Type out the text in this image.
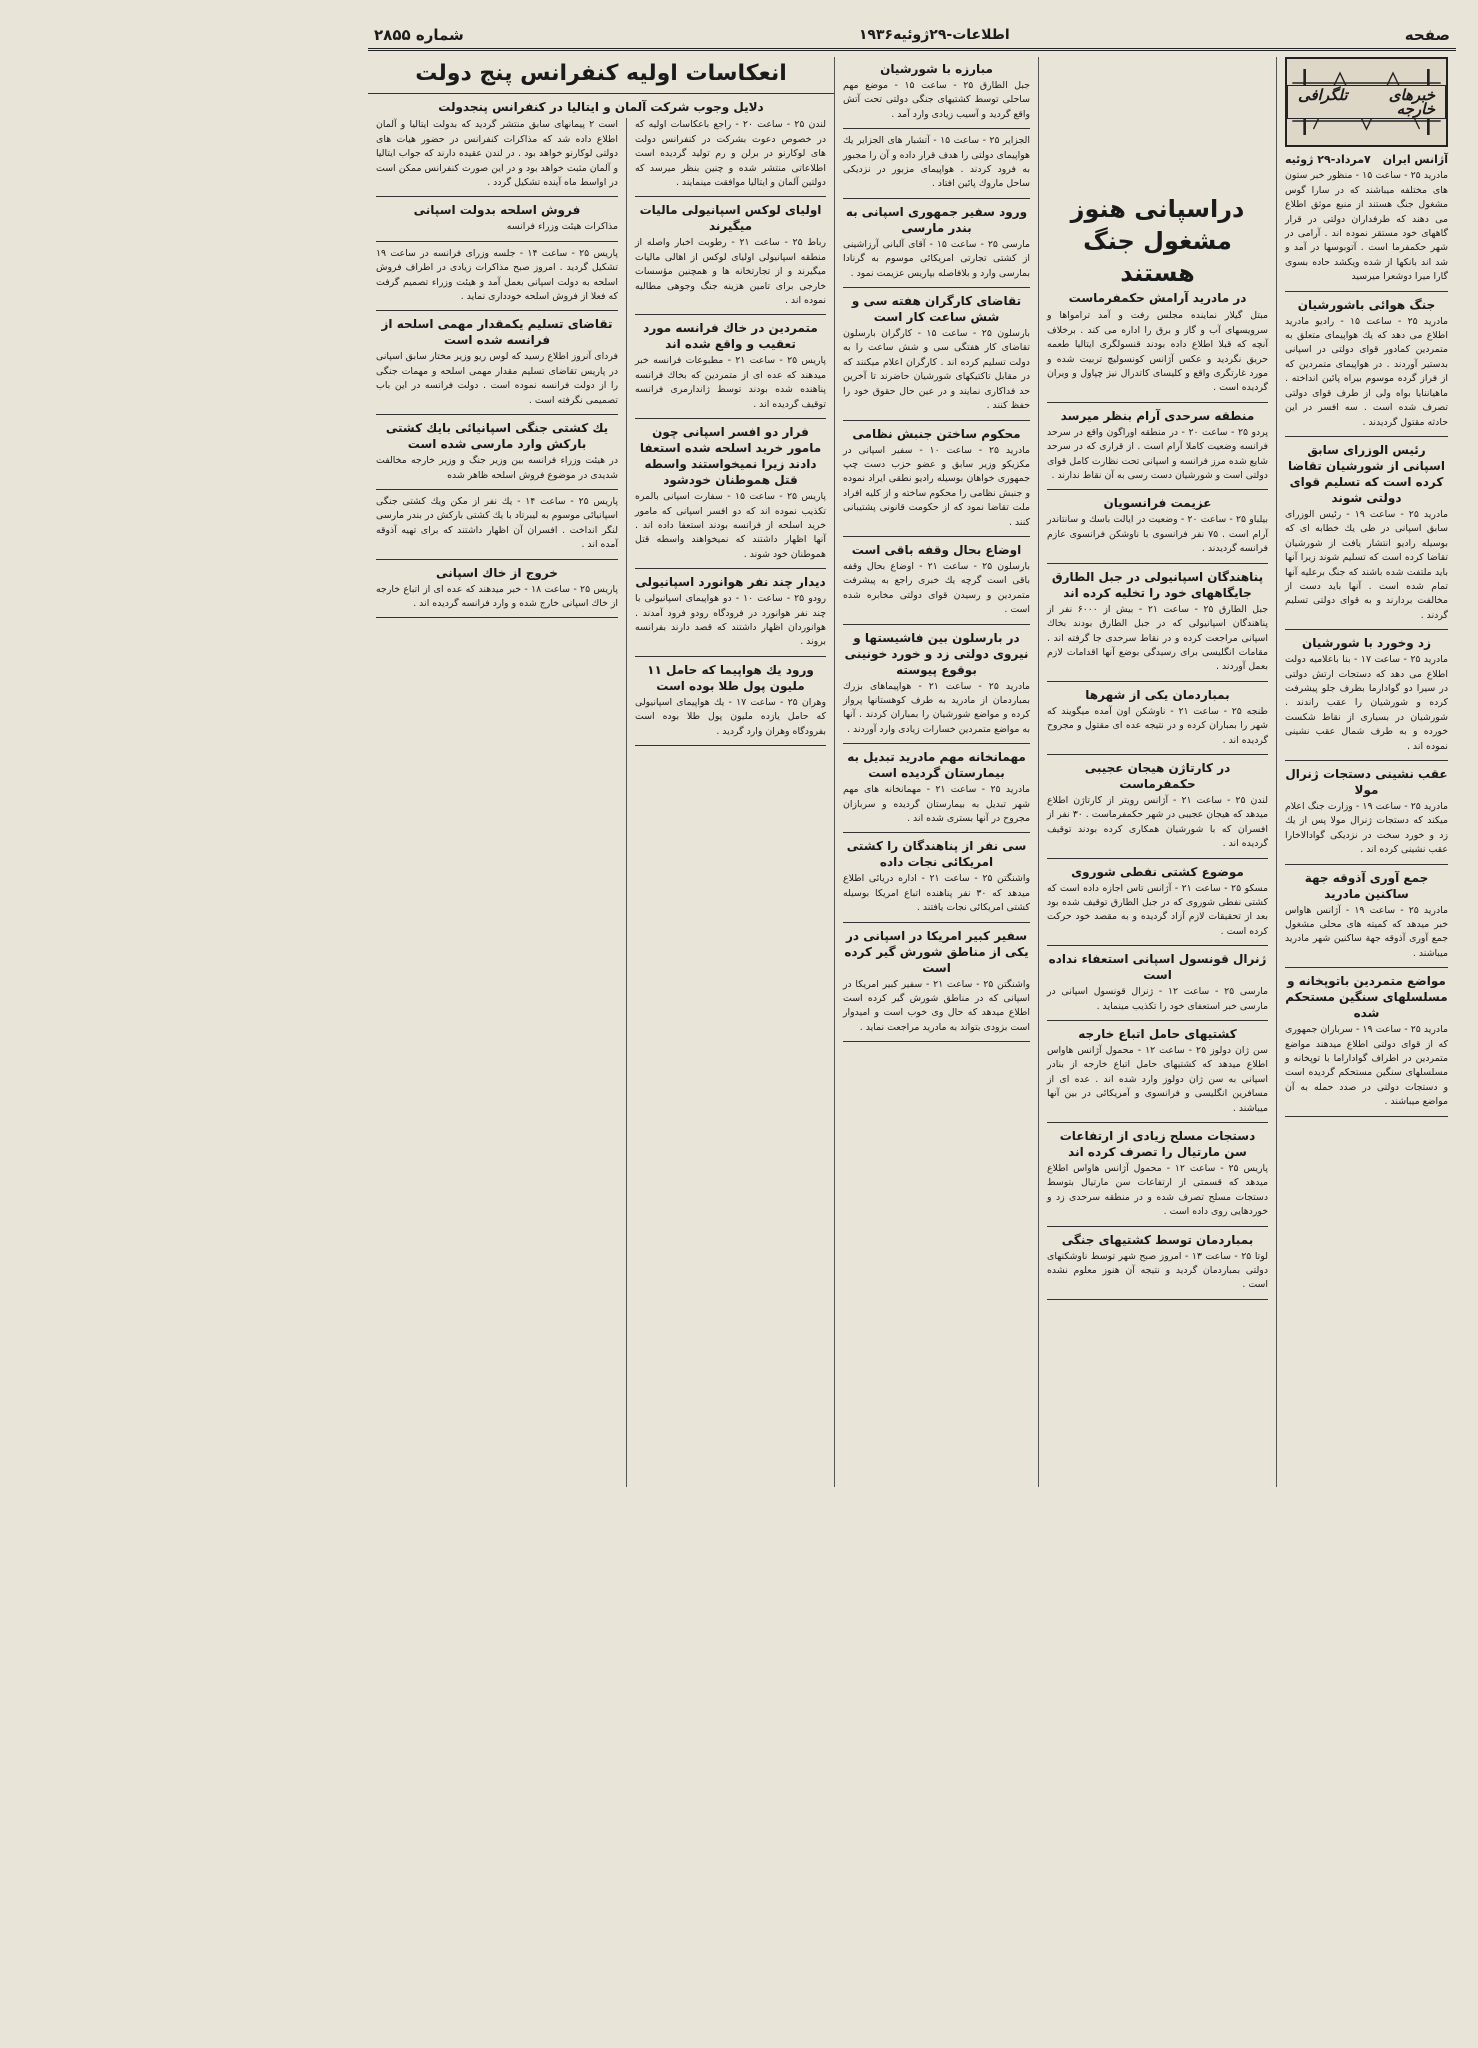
صفحه
اطلاعات-۲۹ژوئیه۱۹۳۶
شماره ۲۸۵۵
خبرهای تلگرافی خارجه
آژانس ایران
۷مرداد-۲۹ ژوئیه

مادرید ۲۵ - ساعت ۱۵ - منظور خبر ستون های مختلفه میباشند که در سارا گوس مشغول جنگ هستند از منبع موثق اطلاع می دهند که طرفداران دولتی در قرار گاههای خود مستقر نموده اند . آرامی در شهر حکمفرما است . آتوبوسها در آمد و شد اند بانکها از شده ویکشد حاده بسوی گارا میرا دوشعرا میرسید

جنگ هوائی باشورشیان

مادرید ۲۵ - ساعت ۱۵ - رادیو مادرید اطلاع می دهد که یك هواپیمای متعلق به متمردین کمادور قوای دولتی در اسپانی بدستیر آوردند . در هواپیمای متمردین که از فراز گرده موسوم بیراه پائین انداخته . ماهیاننایا بواه ولی از طرف قوای دولتی تصرف شده است . سه افسر در این حادثه مقتول گردیدند .

رئیس الوزرای سابق اسپانی از شورشیان تقاضا کرده است که تسلیم قوای دولتی شوند

مادرید ۲۵ - ساعت ۱۹ - رئیس الوزرای سابق اسپانی در طی یك خطابه ای که بوسیله رادیو انتشار یافت از شورشیان تقاضا کرده است که تسلیم شوند زیرا آنها باید ملتفت شده باشند که جنگ برعلیه آنها تمام شده است . آنها باید دست از مخالفت بردارند و به قوای دولتی تسلیم گردند .

زد وخورد با شورشیان

مادرید ۲۵ - ساعت ۱۷ - بنا باعلامیه دولت اطلاع می دهد که دستجات ارتش دولتی در سیرا دو گوادارما بطرف جلو پیشرفت کرده و شورشیان را عقب راندند . شورشیان در بسیاری از نقاط شکست خورده و به طرف شمال عقب نشینی نموده اند .

عقب نشینی دستجات ژنرال مولا

مادرید ۲۵ - ساعت ۱۹ - وزارت جنگ اعلام میکند که دستجات ژنرال مولا پس از یك زد و خورد سخت در نزدیکی گوادالاخارا عقب نشینی کرده اند .

جمع آوری آذوقه جهة ساکنین مادرید

مادرید ۲۵ - ساعت ۱۹ - آژانس هاواس خبر میدهد که کمیته های محلی مشغول جمع آوری آذوقه جهة ساکنین شهر مادرید میباشند .

مواضع متمردین باتوپخانه و مسلسلهای سنگین مستحکم شده

مادرید ۲۵ - ساعت ۱۹ - سرباران جمهوری که از قوای دولتی اطلاع میدهند مواضع متمردین در اطراف گواداراما با توپخانه و مسلسلهای سنگین مستحکم گردیده است و دستجات دولتی در صدد حمله به آن مواضع میباشند .

دراسپانی هنوز مشغول جنگ هستند
در مادرید آرامش حکمفرماست

مبتل گیلار نماینده مجلس رفت و آمد ترامواها و سرویسهای آب و گاز و برق را اداره می کند . برخلاف آنچه که قبلا اطلاع داده بودند قنسولگری ایتالیا طعمه حریق نگردید و عکس آژانس کونسولیچ تربیت شده و مورد غارتگری واقع و کلیسای کاتدرال نیز چپاول و ویران گردیده است .

منطقه سرحدی آرام بنظر میرسد

پردو ۲۵ - ساعت ۲۰ - در منطقه اوراگون واقع در سرحد فرانسه وضعیت کاملا آرام است . از قراری که در سرحد شایع شده مرز فرانسه و اسپانی تحت نظارت کامل قوای دولتی است و شورشیان دست رسی به آن نقاط ندارند .

عزیمت فرانسویان

بیلباو ۲۵ - ساعت ۲۰ - وضعیت در ایالت باسك و سانتاندر آرام است . ۷۵ نفر فرانسوی با ناوشکن فرانسوی عازم فرانسه گردیدند .

پناهندگان اسپانیولی در جبل الطارق جایگاههای خود را تخلیه کرده اند

جبل الطارق ۲۵ - ساعت ۲۱ - بیش از ۶۰۰۰ نفر از پناهندگان اسپانیولی که در جبل الطارق بودند بخاك اسپانی مراجعت کرده و در نقاط سرحدی جا گرفته اند . مقامات انگلیسی برای رسیدگی بوضع آنها اقدامات لازم بعمل آوردند .

بمباردمان یکی از شهرها

طنجه ۲۵ - ساعت ۲۱ - ناوشکن اون آمده میگویند که شهر را بمباران کرده و در نتیجه عده ای مقتول و مجروح گردیده اند .

در کارتاژن هیجان عجیبی حکمفرماست

لندن ۲۵ - ساعت ۲۱ - آژانس رویتر از کارتاژن اطلاع میدهد که هیجان عجیبی در شهر حکمفرماست . ۳۰ نفر از افسران که با شورشیان همکاری کرده بودند توقیف گردیده اند .

موضوع کشتی نفطی شوروی

مسکو ۲۵ - ساعت ۲۱ - آژانس تاس اجازه داده است که کشتی نفطی شوروی که در جبل الطارق توقیف شده بود بعد از تحقیقات لازم آزاد گردیده و به مقصد خود حرکت کرده است .

ژنرال قونسول اسپانی استعفاء نداده است

مارسی ۲۵ - ساعت ۱۲ - ژنرال قونسول اسپانی در مارسی خبر استعفای خود را تکذیب مینماید .

کشتیهای حامل اتباع خارجه

سن ژان دولوز ۲۵ - ساعت ۱۲ - محمول آژانس هاواس اطلاع میدهد که کشتیهای حامل اتباع خارجه از بنادر اسپانی به سن ژان دولوز وارد شده اند . عده ای از مسافرین انگلیسی و فرانسوی و آمریکائی در بین آنها میباشند .

دستجات مسلح زیادی از ارتفاعات سن مارتیال را تصرف کرده اند

پاریس ۲۵ - ساعت ۱۲ - محمول آژانس هاواس اطلاع میدهد که قسمتی از ارتفاعات سن مارتیال بتوسط دستجات مسلح تصرف شده و در منطقه سرحدی زد و خوردهایی روی داده است .

بمباردمان توسط کشتیهای جنگی

لوتا ۲۵ - ساعت ۱۳ - امروز صبح شهر توسط ناوشکنهای دولتی بمباردمان گردید و نتیجه آن هنوز معلوم نشده است .

مبارزه با شورشیان

جبل الطارق ۲۵ - ساعت ۱۵ - موضع مهم ساحلی توسط کشتیهای جنگی دولتی تحت آتش واقع گردید و آسیب زیادی وارد آمد .

الجزایر ۲۵ - ساعت ۱۵ - آتشبار های الجزایر یك هواپیمای دولتی را هدف قرار داده و آن را مجبور به فرود کردند . هواپیمای مزبور در نزدیکی ساحل ماروك پائین افتاد .

ورود سفیر جمهوری اسپانی به بندر مارسی

مارسی ۲۵ - ساعت ۱۵ - آقای آلبانی آرزاشینی از کشتی تجارتی امریکائی موسوم به گرنادا بمارسی وارد و بلافاصله بپاریس عزیمت نمود .

تقاضای کارگران هفته سی و شش ساعت کار است

بارسلون ۲۵ - ساعت ۱۵ - کارگران بارسلون تقاضای کار هفتگی سی و شش ساعت را به دولت تسلیم کرده اند . کارگران اعلام میکنند که در مقابل تاکتیکهای شورشیان حاضرند تا آخرین حد فداکاری نمایند و در عین حال حقوق خود را حفظ کنند .

محکوم ساختن جنبش نظامی

مادرید ۲۵ - ساعت ۱۰ - سفیر اسپانی در مکزیکو وزیر سابق و عضو حزب دست چپ جمهوری خواهان بوسیله رادیو نطقی ایراد نموده و جنبش نظامی را محکوم ساخته و از کلیه افراد ملت تقاضا نمود که از حکومت قانونی پشتیبانی کنند .

اوضاع بحال وقفه باقی است

بارسلون ۲۵ - ساعت ۲۱ - اوضاع بحال وقفه باقی است گرچه یك خبری راجع به پیشرفت متمردین و رسیدن قوای دولتی مخابره شده است .

در بارسلون بین فاشیستها و نیروی دولتی زد و خورد خونینی بوقوع پیوسته

مادرید ۲۵ - ساعت ۲۱ - هواپیماهای بزرك بمباردمان از مادرید به طرف کوهستانها پرواز کرده و مواضع شورشیان را بمباران کردند . آنها به مواضع متمردین خسارات زیادی وارد آوردند .

مهمانخانه مهم مادرید تبدیل به بیمارستان گردیده است

مادرید ۲۵ - ساعت ۲۱ - مهمانخانه های مهم شهر تبدیل به بیمارستان گردیده و سربازان مجروح در آنها بستری شده اند .

سی نفر از پناهندگان را کشتی امریکائی نجات داده

واشنگتن ۲۵ - ساعت ۲۱ - اداره دریائی اطلاع میدهد که ۳۰ نفر پناهنده اتباع امریکا بوسیله کشتی امریکائی نجات یافتند .

سفیر کبیر امریکا در اسپانی در یکی از مناطق شورش گیر کرده است

واشنگتن ۲۵ - ساعت ۲۱ - سفیر کبیر امریکا در اسپانی که در مناطق شورش گیر کرده است اطلاع میدهد که حال وی خوب است و امیدوار است بزودی بتواند به مادرید مراجعت نماید .

انعکاسات اولیه کنفرانس پنج دولت
دلایل وجوب شرکت آلمان و ایتالیا در کنفرانس پنجدولت

لندن ۲۵ - ساعت ۲۰ - راجع باعکاسات اولیه که در خصوص دعوت بشرکت در کنفرانس دولت های لوکارنو در برلن و رم تولید گردیده است اطلاعاتی منتشر شده و چنین بنظر میرسد که دولتین آلمان و ایتالیا موافقت مینمایند .

اولیای لوکس اسپانیولی مالیات میگیرند

رباط ۲۵ - ساعت ۲۱ - رطوبت اخبار واصله از منطقه اسپانیولی اولیای لوکس از اهالی مالیات میگیرند و از تجارتخانه ها و همچنین مؤسسات خارجی برای تامین هزینه جنگ وجوهی مطالبه نموده اند .

متمردین در خاك فرانسه مورد تعقیب و واقع شده اند

پاریس ۲۵ - ساعت ۲۱ - مطبوعات فرانسه خبر میدهند که عده ای از متمردین که بخاك فرانسه پناهنده شده بودند توسط ژاندارمری فرانسه توقیف گردیده اند .

فرار دو افسر اسپانی چون مامور خرید اسلحه شده استعفا دادند زیرا نمیخواستند واسطه قتل هموطنان خودشود

پاریس ۲۵ - ساعت ۱۵ - سفارت اسپانی بالمره تکذیب نموده اند که دو افسر اسپانی که مامور خرید اسلحه از فرانسه بودند استعفا داده اند . آنها اظهار داشتند که نمیخواهند واسطه قتل هموطنان خود شوند .

دیدار چند نفر هوانورد اسپانیولی

رودو ۲۵ - ساعت ۱۰ - دو هواپیمای اسپانیولی با چند نفر هوانورد در فرودگاه رودو فرود آمدند . هوانوردان اظهار داشتند که قصد دارند بفرانسه بروند .

ورود یك هواپیما که حامل ۱۱ ملیون پول طلا بوده است

وهران ۲۵ - ساعت ۱۷ - یك هواپیمای اسپانیولی که حامل یازده ملیون پول طلا بوده است بفرودگاه وهران وارد گردید .

است ۲ پیمانهای سابق منتشر گردید که بدولت ایتالیا و آلمان اطلاع داده شد که مذاکرات کنفرانس در حضور هیات های دولتی لوکارنو خواهد بود . در لندن عقیده دارند که جواب ایتالیا و آلمان مثبت خواهد بود و در این صورت کنفرانس ممکن است در اواسط ماه آینده تشکیل گردد .

فروش اسلحه بدولت اسپانی

مذاکرات هیئت وزراء فرانسه

پاریس ۲۵ - ساعت ۱۴ - جلسه وزرای فرانسه در ساعت ۱۹ تشکیل گردید . امروز صبح مذاکرات زیادی در اطراف فروش اسلحه به دولت اسپانی بعمل آمد و هیئت وزراء تصمیم گرفت که فعلا از فروش اسلحه خودداری نماید .

تقاضای تسلیم یکمقدار مهمی اسلحه از فرانسه شده است

فردای آنروز اطلاع رسید که لوس ریو وزیر مختار سابق اسپانی در پاریس تقاضای تسلیم مقدار مهمی اسلحه و مهمات جنگی را از دولت فرانسه نموده است . دولت فرانسه در این باب تصمیمی نگرفته است .

یك کشتی جنگی اسپانیائی بایك کشتی بارکش وارد مارسی شده است

در هیئت وزراء فرانسه بین وزیر جنگ و وزیر خارجه مخالفت شدیدی در موضوع فروش اسلحه ظاهر شده

پاریس ۲۵ - ساعت ۱۴ - یك نفر از مکن ویك کشتی جنگی اسپانیائی موسوم به لیبرتاد با یك کشتی بارکش در بندر مارسی لنگر انداخت . افسران آن اظهار داشتند که برای تهیه آذوقه آمده اند .

خروج از خاك اسپانی

پاریس ۲۵ - ساعت ۱۸ - خبر میدهند که عده ای از اتباع خارجه از خاك اسپانی خارج شده و وارد فرانسه گردیده اند .
